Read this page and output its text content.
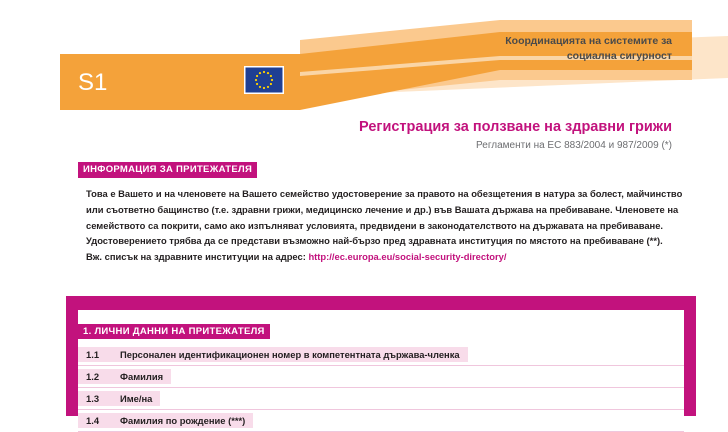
S1
Координацията на системите за
социална сигурност
Регистрация за ползване на здравни грижи
Регламенти на ЕС 883/2004 и 987/2009 (*)
ИНФОРМАЦИЯ ЗА ПРИТЕЖАТЕЛЯ

Това е Вашето и на членовете на Вашето семейство удостоверение за правото на обезщетения в натура за болест, майчинство или съответно бащинство (т.е. здравни грижи, медицинско лечение и др.) във Вашата държава на пребиваване. Членовете на семейството са покрити, само ако изпълняват условията, предвидени в законодателството на държавата на пребиваване.

Удостоверението трябва да се представи възможно най-бързо пред здравната институция по мястото на пребиваване (**).

Вж. списък на здравните институции на адрес: http://ec.europa.eu/social-security-directory/

1. ЛИЧНИ ДАННИ НА ПРИТЕЖАТЕЛЯ
1.1 Персонален идентификационен номер в компетентната държава-членка
1.2 Фамилия
1.3 Име/на
1.4 Фамилия по рождение (***)
